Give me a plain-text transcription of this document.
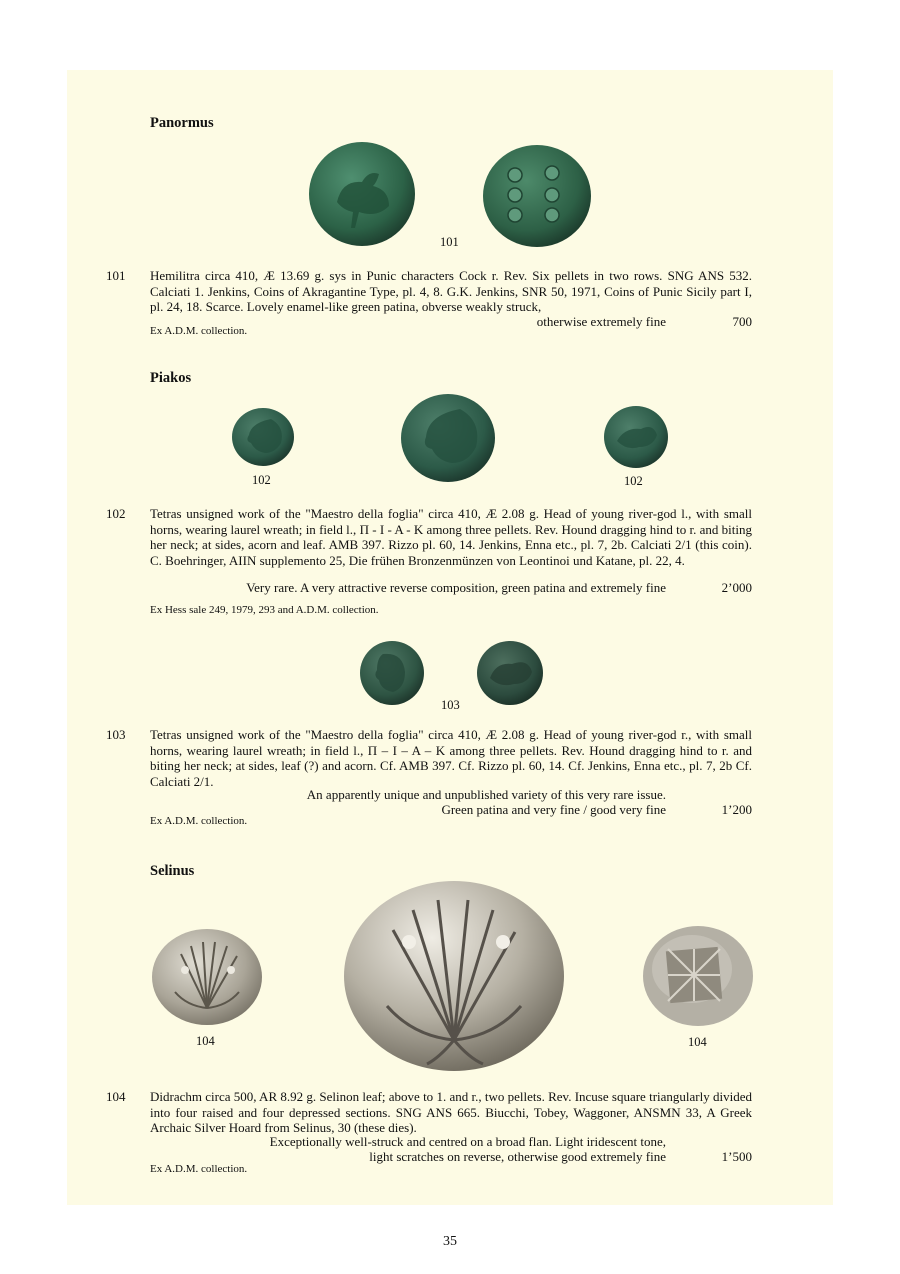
Panormus
101
101 Hemilitra circa 410, Æ 13.69 g. sys in Punic characters Cock r. Rev. Six pellets in two rows. SNG ANS 532. Calciati 1. Jenkins, Coins of Akragantine Type, pl. 4, 8. G.K. Jenkins, SNR 50, 1971, Coins of Punic Sicily part I, pl. 24, 18. Scarce. Lovely enamel-like green patina, obverse weakly struck,
otherwise extremely fine	700
Ex A.D.M. collection.
Piakos
102	102
102 Tetras unsigned work of the "Maestro della foglia" circa 410, Æ 2.08 g. Head of young river-god l., with small horns, wearing laurel wreath; in field l., Π - I - A - K among three pellets. Rev. Hound dragging hind to r. and biting her neck; at sides, acorn and leaf. AMB 397. Rizzo pl. 60, 14. Jenkins, Enna etc., pl. 7, 2b. Calciati 2/1 (this coin). C. Boehringer, AIIN supplemento 25, Die frühen Bronzenmünzen von Leontinoi und Katane, pl. 22, 4.
Very rare. A very attractive reverse composition, green patina and extremely fine	2’000
Ex Hess sale 249, 1979, 293 and A.D.M. collection.
103
103 Tetras unsigned work of the "Maestro della foglia" circa 410, Æ 2.08 g. Head of young river-god r., with small horns, wearing laurel wreath; in field l., Π – I – A – K among three pellets. Rev. Hound dragging hind to r. and biting her neck; at sides, leaf (?) and acorn. Cf. AMB 397. Cf. Rizzo pl. 60, 14. Cf. Jenkins, Enna etc., pl. 7, 2b Cf. Calciati 2/1.
An apparently unique and unpublished variety of this very rare issue.
Green patina and very fine / good very fine	1’200
Ex A.D.M. collection.
Selinus
104	104
104 Didrachm circa 500, AR 8.92 g. Selinon leaf; above to 1. and r., two pellets. Rev. Incuse square triangularly divided into four raised and four depressed sections. SNG ANS 665. Biucchi, Tobey, Waggoner, ANSMN 33, A Greek Archaic Silver Hoard from Selinus, 30 (these dies).
Exceptionally well-struck and centred on a broad flan. Light iridescent tone,
light scratches on reverse, otherwise good extremely fine	1’500
Ex A.D.M. collection.
35
